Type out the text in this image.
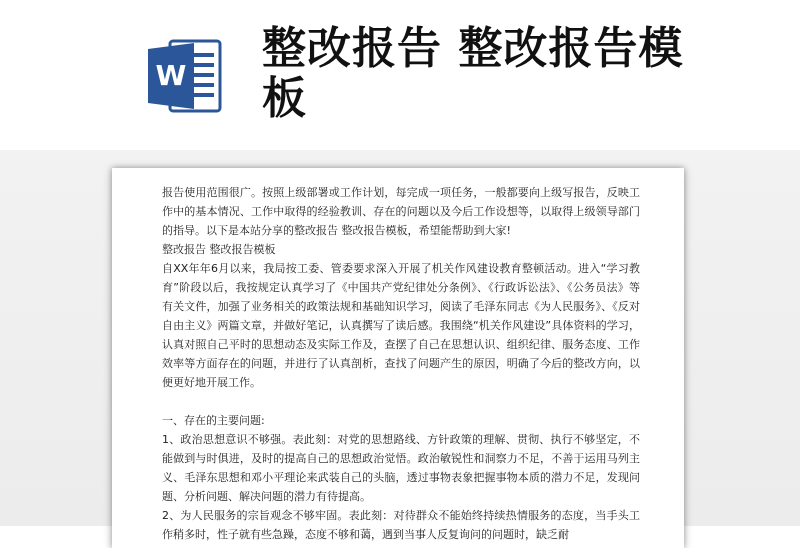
W
整改报告 整改报告模板

报告使用范围很广。按照上级部署或工作计划，每完成一项任务，一般都要向上级写报告，反映工作中的基本情况、工作中取得的经验教训、存在的问题以及今后工作设想等，以取得上级领导部门的指导。以下是本站分享的整改报告 整改报告模板，希望能帮助到大家!

整改报告 整改报告模板

自XX年年6月以来，我局按工委、管委要求深入开展了机关作风建设教育整顿活动。进入“学习教育”阶段以后，我按规定认真学习了《中国共产党纪律处分条例》、《行政诉讼法》、《公务员法》等有关文件，加强了业务相关的政策法规和基础知识学习，阅读了毛泽东同志《为人民服务》、《反对自由主义》两篇文章，并做好笔记，认真撰写了读后感。我围绕“机关作风建设”具体资料的学习，认真对照自己平时的思想动态及实际工作及，查摆了自己在思想认识、组织纪律、服务态度、工作效率等方面存在的问题，并进行了认真剖析，查找了问题产生的原因，明确了今后的整改方向，以便更好地开展工作。

一、存在的主要问题:

1、政治思想意识不够强。表此刻：对党的思想路线、方针政策的理解、贯彻、执行不够坚定，不能做到与时俱进，及时的提高自己的思想政治觉悟。政治敏锐性和洞察力不足，不善于运用马列主义、毛泽东思想和邓小平理论来武装自己的头脑，透过事物表象把握事物本质的潜力不足，发现问题、分析问题、解决问题的潜力有待提高。

2、为人民服务的宗旨观念不够牢固。表此刻：对待群众不能始终持续热情服务的态度，当手头工作稍多时，性子就有些急躁，态度不够和蔼，遇到当事人反复询问的问题时，缺乏耐
